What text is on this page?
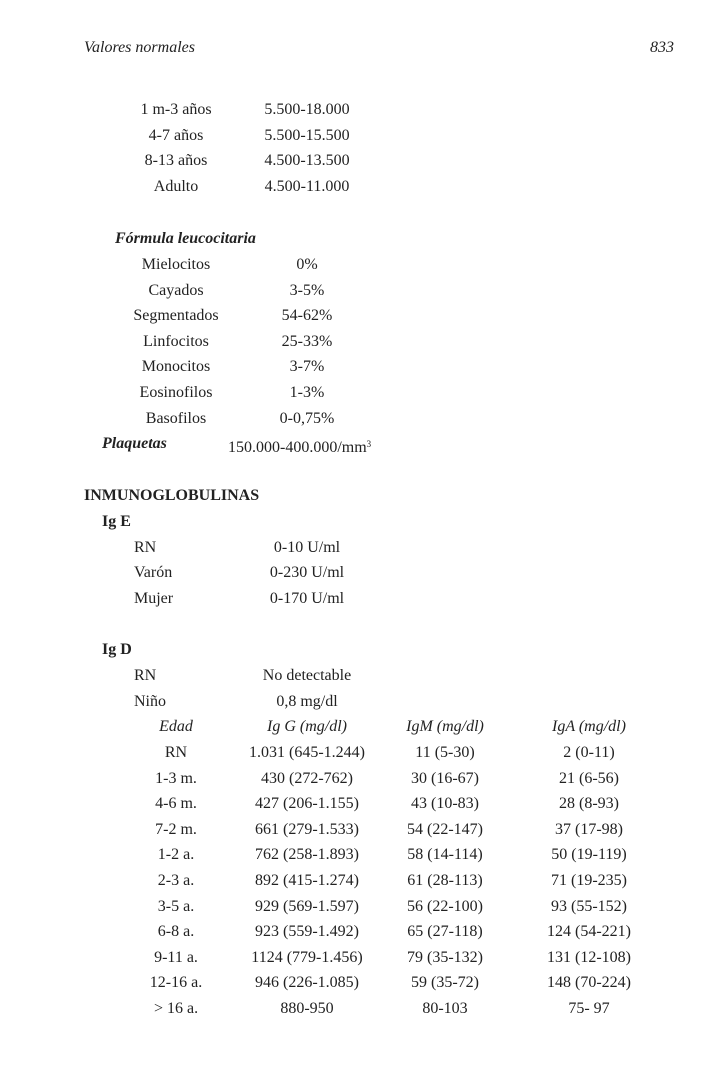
Valores normales	833
1 m-3 años	5.500-18.000
4-7 años	5.500-15.500
8-13 años	4.500-13.500
Adulto	4.500-11.000
Fórmula leucocitaria
Mielocitos	0%
Cayados	3-5%
Segmentados	54-62%
Linfocitos	25-33%
Monocitos	3-7%
Eosinofilos	1-3%
Basofilos	0-0,75%
Plaquetas	$150.000-400.000/mm^3$
INMUNOGLOBULINAS
Ig E
RN	0-10 U/ml
Varón	0-230 U/ml
Mujer	0-170 U/ml
Ig D
RN	No detectable
Niño	0,8 mg/dl
Edad	Ig G (mg/dl)	IgM (mg/dl)	IgA (mg/dl)
RN	1.031 (645-1.244)	11 (5-30)	2 (0-11)
1-3 m.	430 (272-762)	30 (16-67)	21 (6-56)
4-6 m.	427 (206-1.155)	43 (10-83)	28 (8-93)
7-2 m.	661 (279-1.533)	54 (22-147)	37 (17-98)
1-2 a.	762 (258-1.893)	58 (14-114)	50 (19-119)
2-3 a.	892 (415-1.274)	61 (28-113)	71 (19-235)
3-5 a.	929 (569-1.597)	56 (22-100)	93 (55-152)
6-8 a.	923 (559-1.492)	65 (27-118)	124 (54-221)
9-11 a.	1124 (779-1.456)	79 (35-132)	131 (12-108)
12-16 a.	946 (226-1.085)	59 (35-72)	148 (70-224)
> 16 a.	880-950	80-103	75- 97
